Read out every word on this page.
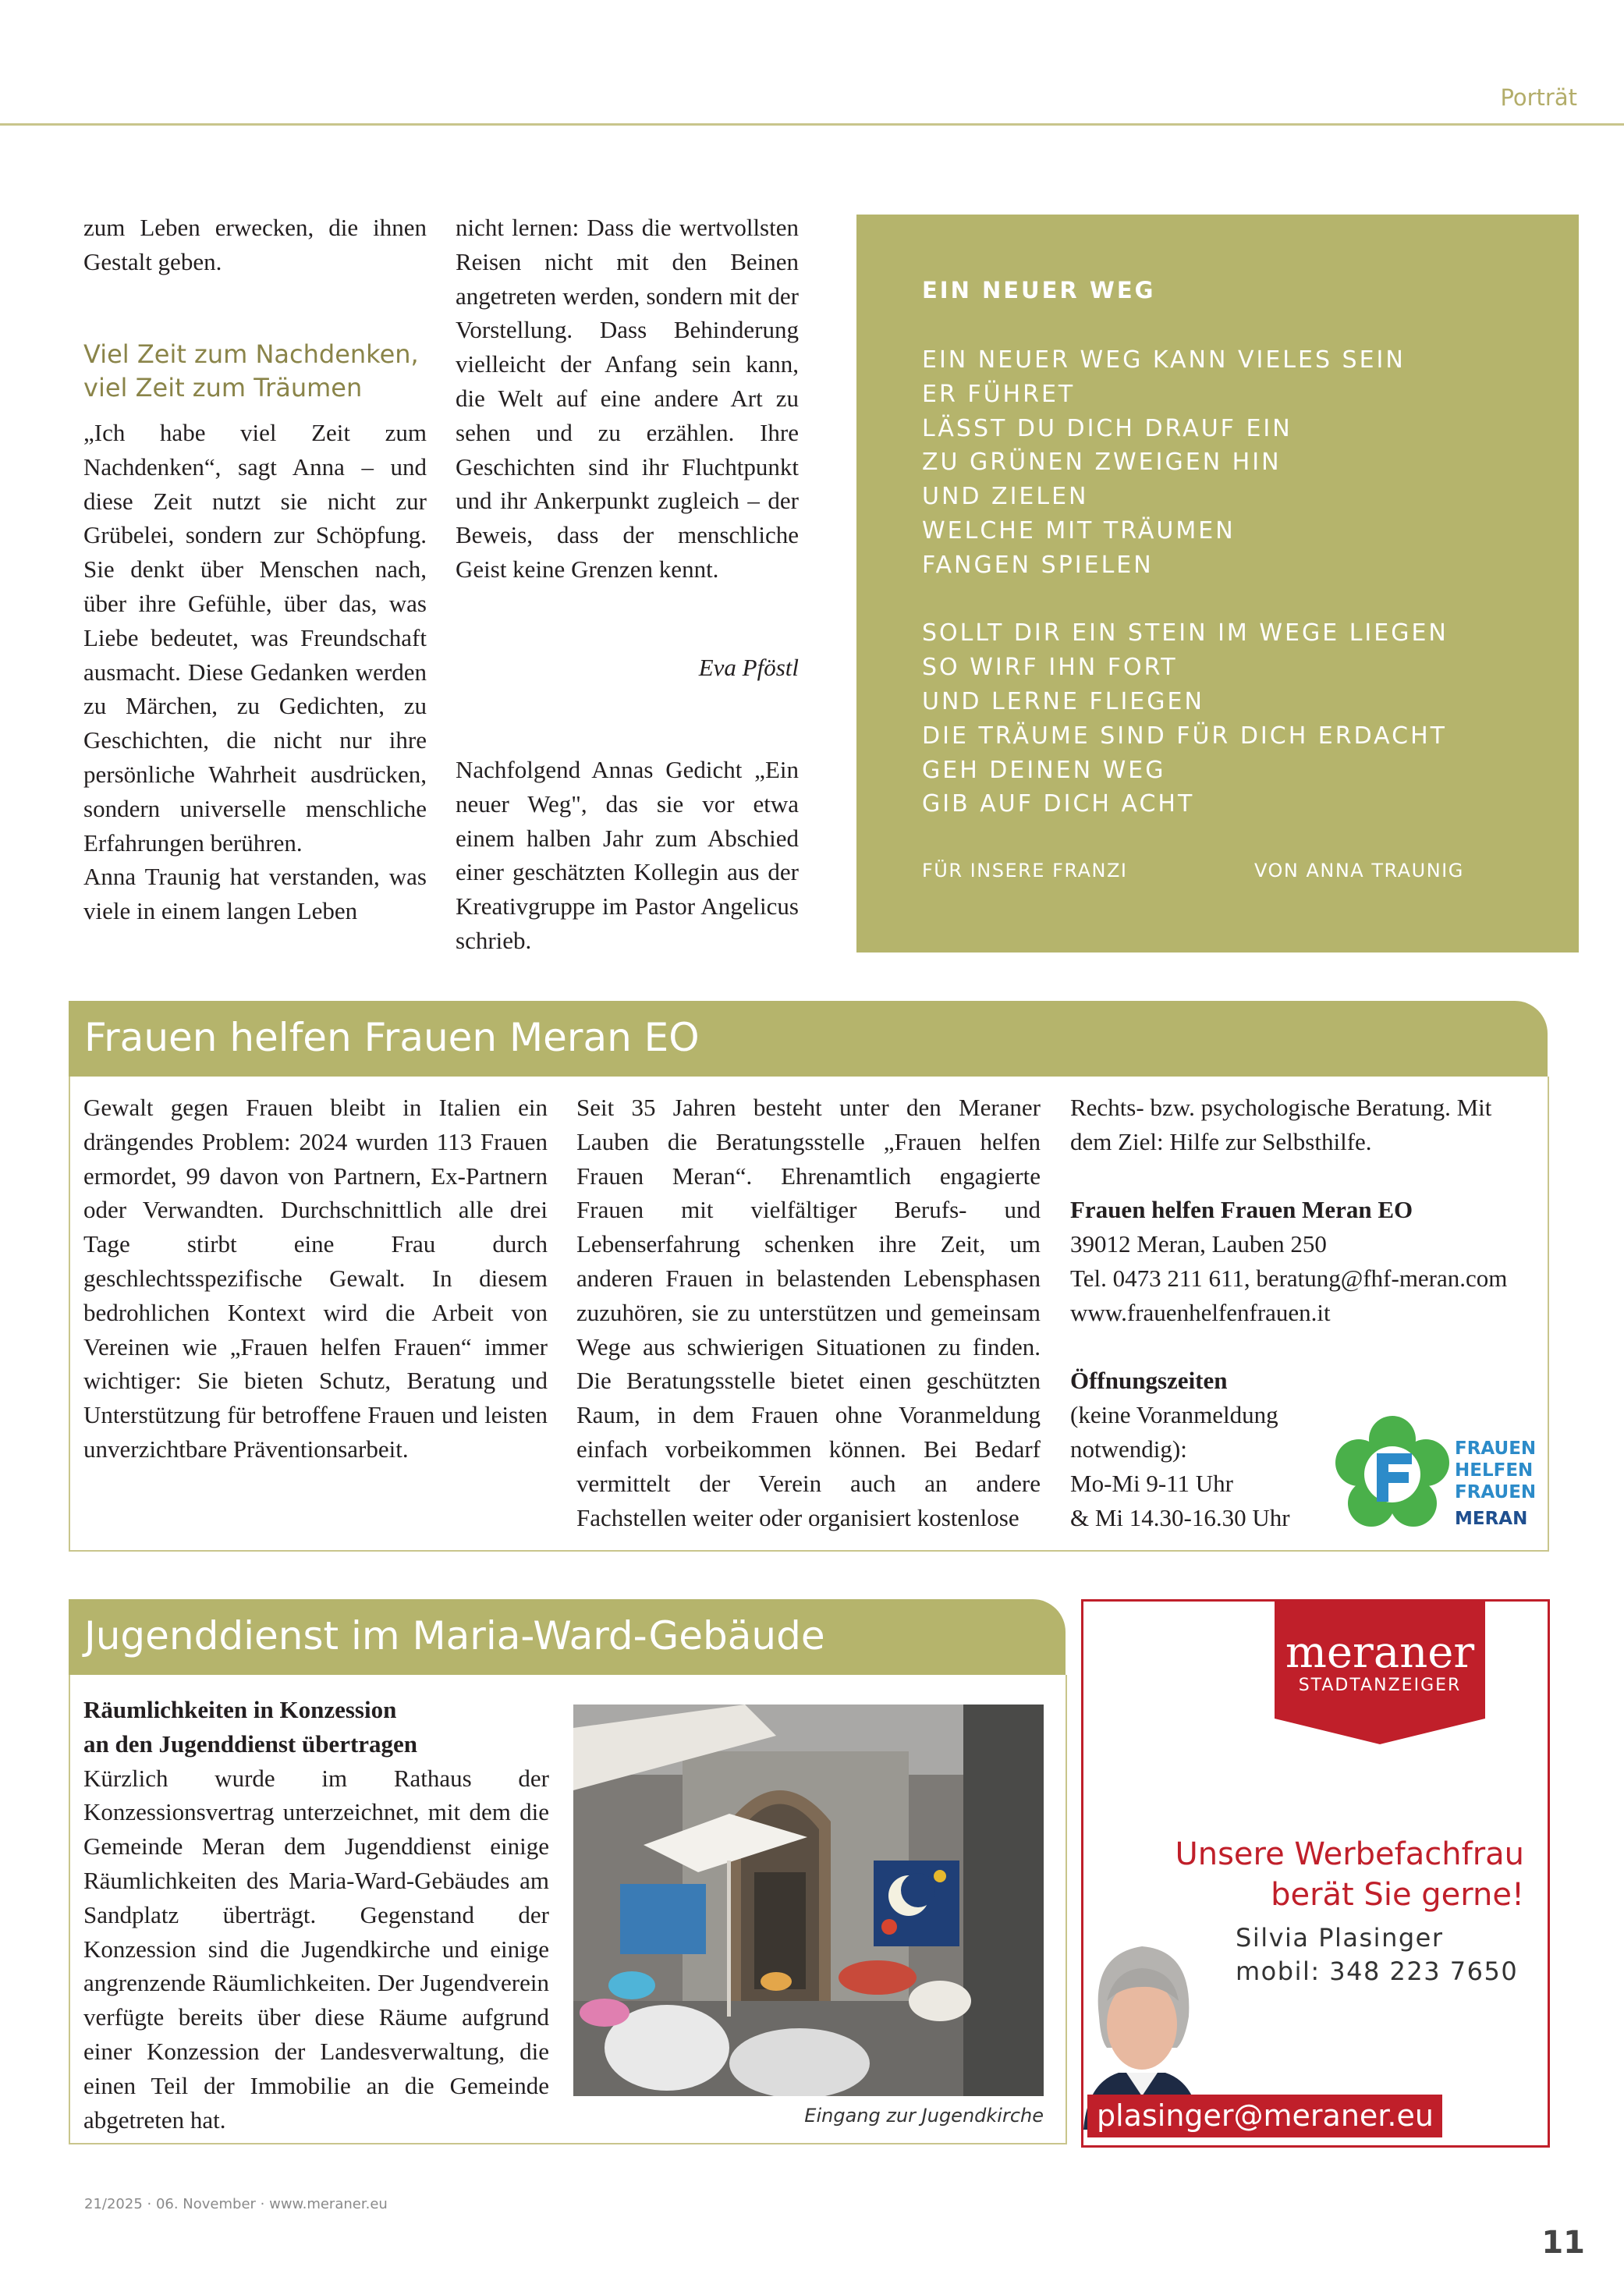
Porträt

zum Leben erwecken, die ihnen Gestalt geben.

Viel Zeit zum Nachdenken,
viel Zeit zum Träumen

„Ich habe viel Zeit zum Nachdenken“, sagt Anna – und diese Zeit nutzt sie nicht zur Grübelei, sondern zur Schöpfung. Sie denkt über Menschen nach, über ihre Gefühle, über das, was Liebe bedeutet, was Freundschaft ausmacht. Diese Gedanken werden zu Märchen, zu Gedichten, zu Geschichten, die nicht nur ihre persönliche Wahrheit ausdrücken, sondern universelle menschliche Erfahrungen berühren.

Anna Traunig hat verstanden, was viele in einem langen Leben

nicht lernen: Dass die wertvollsten Reisen nicht mit den Beinen angetreten werden, sondern mit der Vorstellung. Dass Behinderung vielleicht der Anfang sein kann, die Welt auf eine andere Art zu sehen und zu erzählen. Ihre Geschichten sind ihr Fluchtpunkt und ihr Ankerpunkt zugleich – der Beweis, dass der menschliche Geist keine Grenzen kennt.

Eva Pföstl

Nachfolgend Annas Gedicht „Ein neuer Weg", das sie vor etwa einem halben Jahr zum Abschied einer geschätzten Kollegin aus der Kreativgruppe im Pastor Angelicus schrieb.

EIN NEUER WEG
EIN NEUER WEG KANN VIELES SEIN
ER FÜHRET
LÄSST DU DICH DRAUF EIN
ZU GRÜNEN ZWEIGEN HIN
UND ZIELEN
WELCHE MIT TRÄUMEN
FANGEN SPIELEN
SOLLT DIR EIN STEIN IM WEGE LIEGEN
SO WIRF IHN FORT
UND LERNE FLIEGEN
DIE TRÄUME SIND FÜR DICH ERDACHT
GEH DEINEN WEG
GIB AUF DICH ACHT
FÜR INSERE FRANZI	VON ANNA TRAUNIG
Frauen helfen Frauen Meran EO

Gewalt gegen Frauen bleibt in Italien ein drängendes Problem: 2024 wurden 113 Frauen ermordet, 99 davon von Partnern, Ex-Partnern oder Verwandten. Durchschnittlich alle drei Tage stirbt eine Frau durch geschlechtsspezifische Gewalt. In diesem bedrohlichen Kontext wird die Arbeit von Vereinen wie „Frauen helfen Frauen“ immer wichtiger: Sie bieten Schutz, Beratung und Unterstützung für betroffene Frauen und leisten unverzichtbare Präventionsarbeit.

Seit 35 Jahren besteht unter den Meraner Lauben die Beratungsstelle „Frauen helfen Frauen Meran“. Ehrenamtlich engagierte Frauen mit vielfältiger Berufs- und Lebenserfahrung schenken ihre Zeit, um anderen Frauen in belastenden Lebensphasen zuzuhören, sie zu unterstützen und gemeinsam Wege aus schwierigen Situationen zu finden. Die Beratungsstelle bietet einen geschützten Raum, in dem Frauen ohne Voranmeldung einfach vorbeikommen können. Bei Bedarf vermittelt der Verein auch an andere Fachstellen weiter oder organisiert kostenlose

Rechts- bzw. psychologische Beratung. Mit dem Ziel: Hilfe zur Selbsthilfe.

Frauen helfen Frauen Meran EO
39012 Meran, Lauben 250
Tel. 0473 211 611, beratung@fhf-meran.com
www.frauenhelfenfrauen.it
Öffnungszeiten
(keine Voranmeldung
notwendig):
Mo-Mi 9-11 Uhr
& Mi 14.30-16.30 Uhr
FRAUEN
HELFEN
FRAUEN
MERAN
Jugenddienst im Maria-Ward-Gebäude
Räumlichkeiten in Konzession
an den Jugenddienst übertragen

Kürzlich wurde im Rathaus der Konzessionsvertrag unterzeichnet, mit dem die Gemeinde Meran dem Jugenddienst einige Räumlichkeiten des Maria-Ward-Gebäudes am Sandplatz überträgt. Gegenstand der Konzession sind die Jugendkirche und einige angrenzende Räumlichkeiten. Der Jugendverein verfügte bereits über diese Räume aufgrund einer Konzession der Landesverwaltung, die einen Teil der Immobilie an die Gemeinde abgetreten hat.	Eingang zur Jugendkirche
meraner
STADTANZEIGER
Unsere Werbefachfrau
berät Sie gerne!
Silvia Plasinger
mobil: 348 223 7650
plasinger@meraner.eu
21/2025 · 06. November · www.meraner.eu
11
